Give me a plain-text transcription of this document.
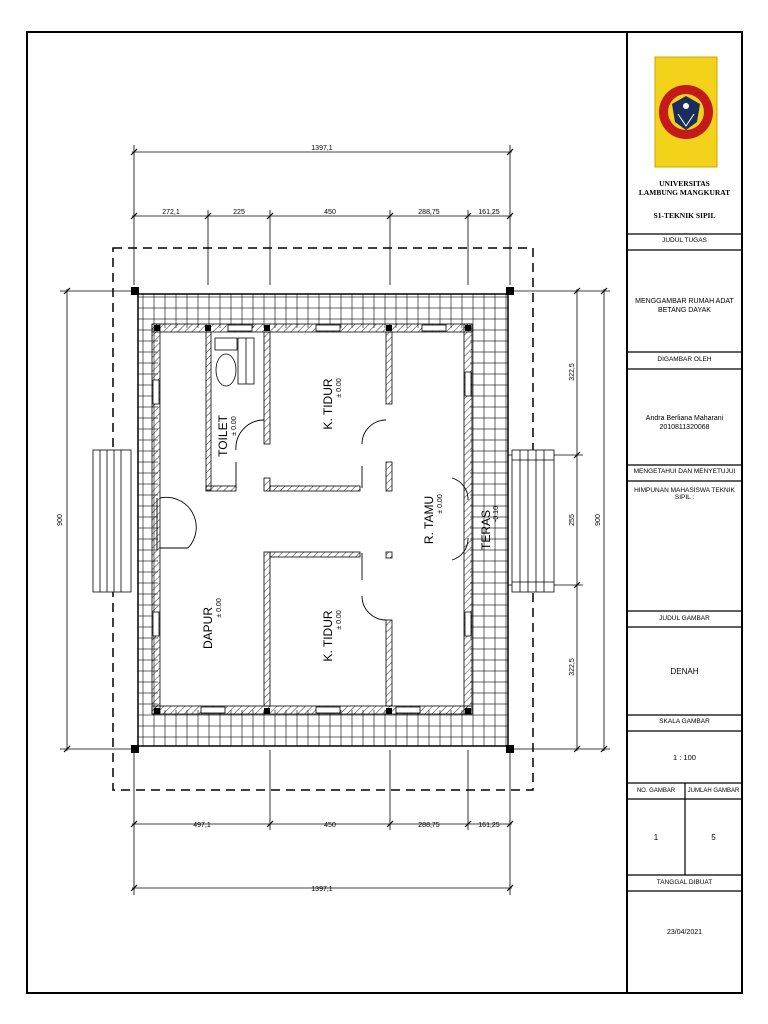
1397,1
272,1	225	450	288,75	161,25
497,1	450	288,75	161,25
1397,1
900	900
322,5
255
322,5
TOILET ± 0.00	K. TIDUR ± 0.00
K. TIDUR ± 0.00
DAPUR ± 0.00
R. TAMU ± 0.00
TERAS -0.10
UNIVERSITAS
LAMBUNG MANGKURAT
S1-TEKNIK SIPIL
JUDUL TUGAS
MENGGAMBAR RUMAH ADAT
BETANG DAYAK
DIGAMBAR OLEH
Andra Berliana Maharani
2010811320068
MENGETAHUI DAN MENYETUJUI
HIMPUNAN MAHASISWA TEKNIK SIPIL :
JUDUL GAMBAR
DENAH
SKALA GAMBAR
1 : 100
NO. GAMBAR	JUMLAH GAMBAR
1	5
TANGGAL DIBUAT
23/04/2021
